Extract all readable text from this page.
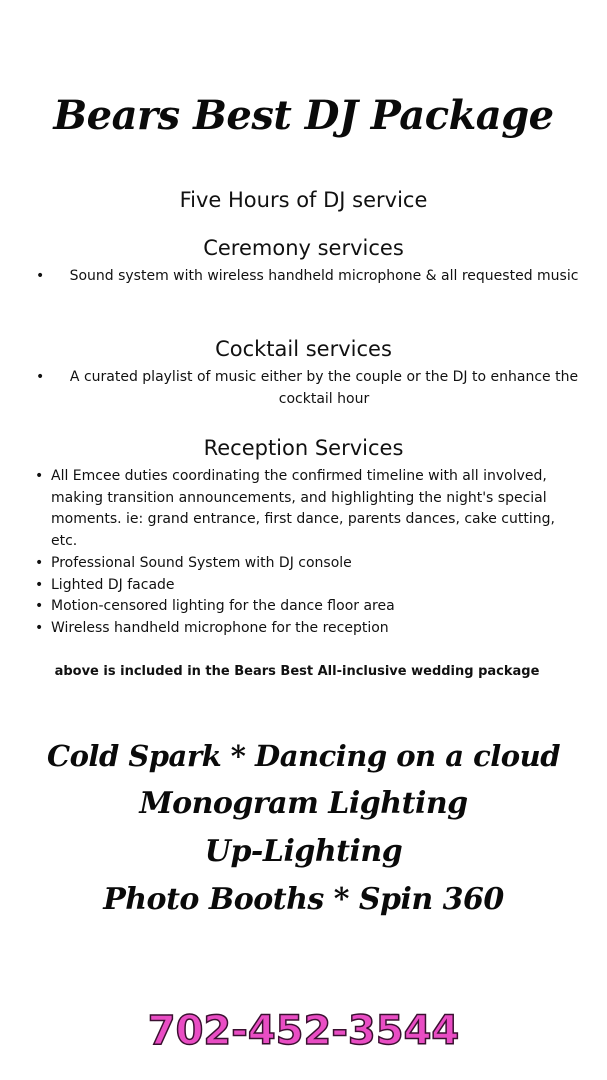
Bears Best DJ Package
Five Hours of DJ service
Ceremony services
•	Sound system with wireless handheld microphone & all requested music
Cocktail services
•	A curated playlist of music either by the couple or the DJ to enhance the cocktail hour
Reception Services
• All Emcee duties coordinating the confirmed timeline with all involved, making transition announcements, and highlighting the night's special moments. ie: grand entrance, first dance, parents dances, cake cutting, etc.
• Professional Sound System with DJ console
• Lighted DJ facade
• Motion-censored lighting for the dance floor area
• Wireless handheld microphone for the reception
above is included in the Bears Best All-inclusive wedding package
Cold Spark * Dancing on a cloud
Monogram Lighting
Up-Lighting
Photo Booths * Spin 360
702-452-3544
